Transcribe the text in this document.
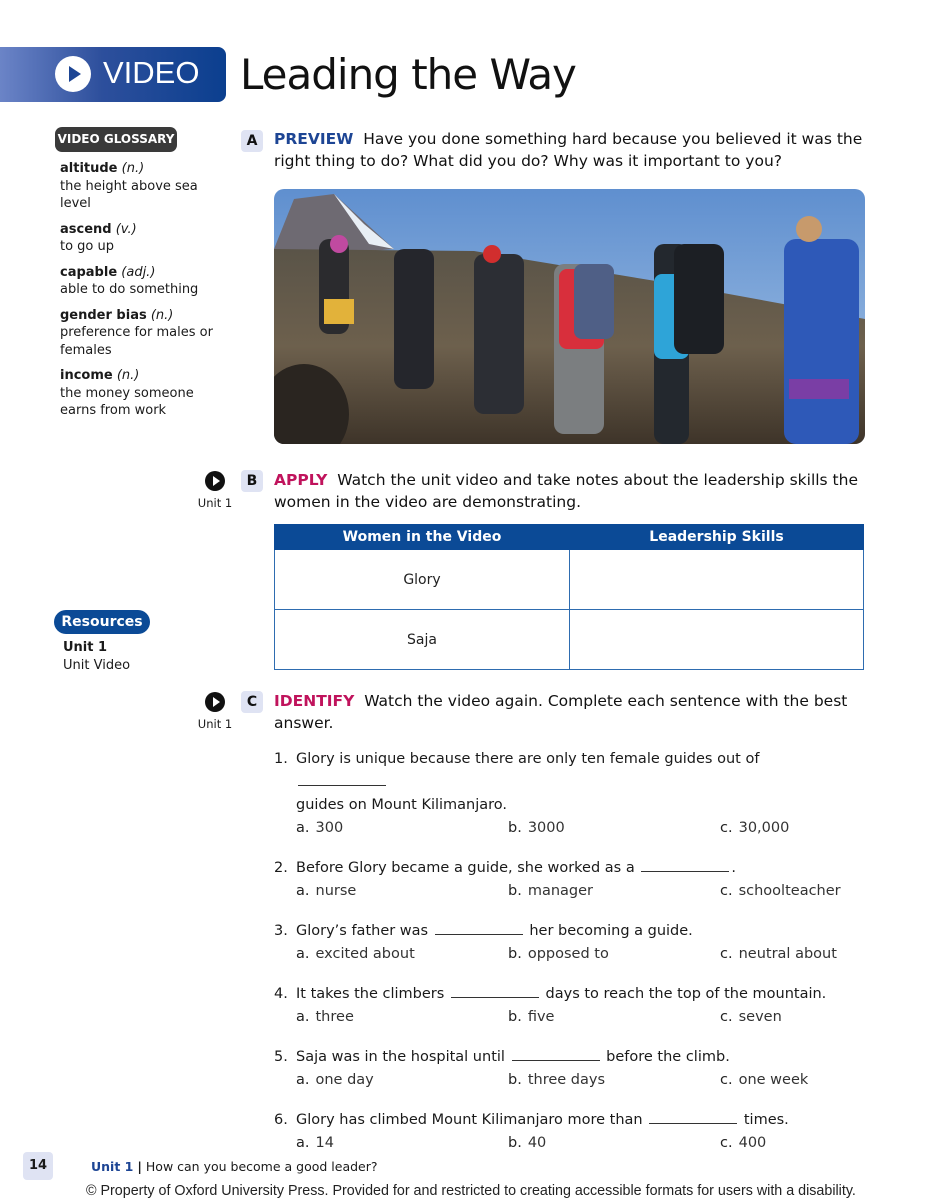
VIDEO Leading the Way
VIDEO GLOSSARY
altitude (n.)
the height above sea level
ascend (v.)
to go up
capable (adj.)
able to do something
gender bias (n.)
preference for males or females
income (n.)
the money someone earns from work
A	PREVIEW Have you done something hard because you believed it was the right thing to do? What did you do? Why was it important to you?
Unit 1
B	APPLY Watch the unit video and take notes about the leadership skills the women in the video are demonstrating.
Women in the Video	Leadership Skills
Glory	
Saja	
Resources
Unit 1
Unit Video
Unit 1
C	IDENTIFY Watch the video again. Complete each sentence with the best answer.
1. Glory is unique because there are only ten female guides out of
guides on Mount Kilimanjaro.
a. 300	b. 3000	c. 30,000
2. Before Glory became a guide, she worked as a	.
a. nurse	b. manager	c. schoolteacher
3. Glory’s father was	her becoming a guide.
a. excited about	b. opposed to	c. neutral about
4. It takes the climbers	days to reach the top of the mountain.
a. three	b. five	c. seven
5. Saja was in the hospital until	before the climb.
a. one day	b. three days	c. one week
6. Glory has climbed Mount Kilimanjaro more than	times.
a. 14	b. 40	c. 400
14	Unit 1 | How can you become a good leader?
© Property of Oxford University Press. Provided for and restricted to creating accessible formats for users with a disability.
